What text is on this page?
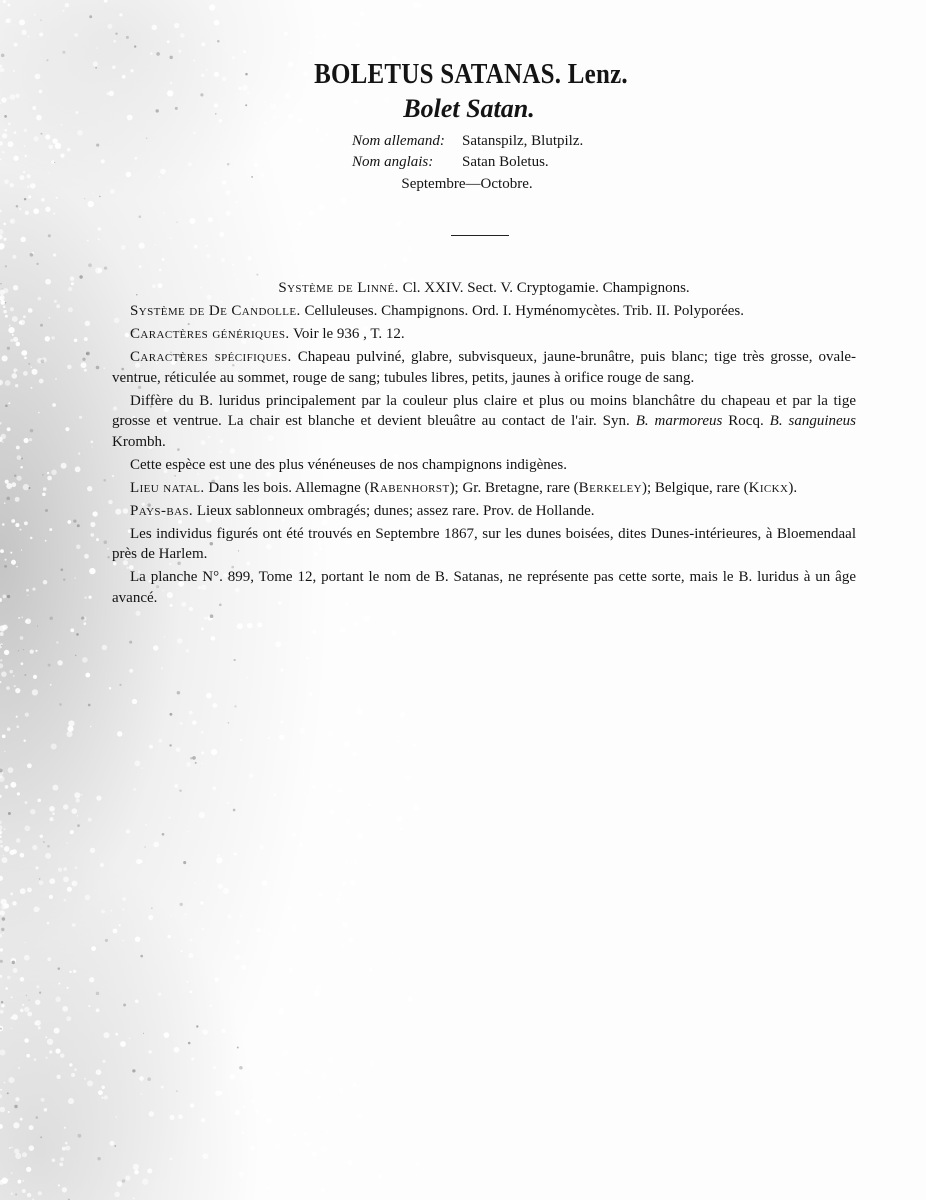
BOLETUS SATANAS. Lenz.
Bolet Satan.
Nom allemand: Satanspilz, Blutpilz.
Nom anglais: Satan Boletus.
Septembre—Octobre.

Système de Linné. Cl. XXIV. Sect. V. Cryptogamie. Champignons.

Système de De Candolle. Celluleuses. Champignons. Ord. I. Hyménomycètes. Trib. II. Polyporées.

Caractères génériques. Voir le 936 , T. 12.

Caractères spécifiques. Chapeau pulviné, glabre, subvisqueux, jaune-brunâtre, puis blanc; tige très grosse, ovale-ventrue, réticulée au sommet, rouge de sang; tubules libres, petits, jaunes à orifice rouge de sang.

Diffère du B. luridus principalement par la couleur plus claire et plus ou moins blanchâtre du chapeau et par la tige grosse et ventrue. La chair est blanche et devient bleuâtre au contact de l'air. Syn. B. marmoreus Rocq. B. sanguineus Krombh.

Cette espèce est une des plus vénéneuses de nos champignons indigènes.

Lieu natal. Dans les bois. Allemagne (Rabenhorst); Gr. Bretagne, rare (Berkeley); Belgique, rare (Kickx).

Pays-bas. Lieux sablonneux ombragés; dunes; assez rare. Prov. de Hollande.

Les individus figurés ont été trouvés en Septembre 1867, sur les dunes boisées, dites Dunes-intérieures, à Bloemendaal près de Harlem.

La planche N°. 899, Tome 12, portant le nom de B. Satanas, ne représente pas cette sorte, mais le B. luridus à un âge avancé.
